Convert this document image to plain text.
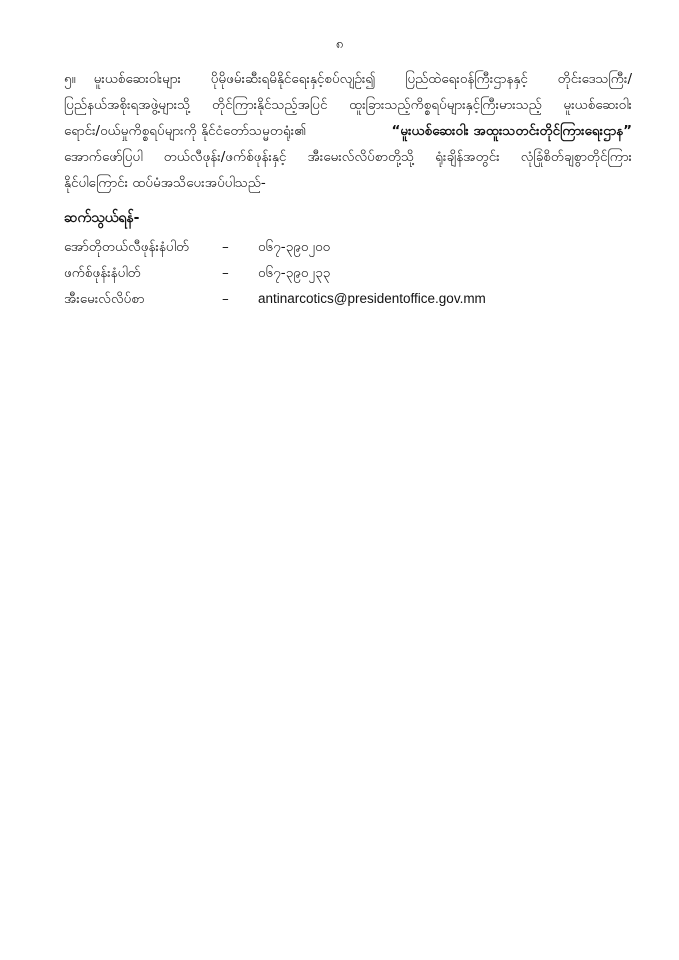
၈
၅။ မူးယစ်ဆေးဝါးများ ပိုမိုဖမ်းဆီးရမိနိုင်ရေးနှင့်စပ်လျဉ်း၍ ပြည်ထဲရေးဝန်ကြီးဌာနနှင့် တိုင်းဒေသကြီး/
ပြည်နယ်အစိုးရအဖွဲ့များသို့ တိုင်ကြားနိုင်သည့်အပြင် ထူးခြားသည့်ကိစ္စရပ်များနှင့်ကြီးမားသည့် မူးယစ်ဆေးဝါး
ရောင်း/ဝယ်မှုကိစ္စရပ်များကို နိုင်ငံတော်သမ္မတရုံး၏	“မူးယစ်ဆေးဝါး အထူးသတင်းတိုင်ကြားရေးဌာန”
အောက်ဖော်ပြပါ တယ်လီဖုန်း/ဖက်စ်ဖုန်းနှင့် အီးမေးလ်လိပ်စာတို့သို့ ရုံးချိန်အတွင်း လုံခြုံစိတ်ချစွာတိုင်ကြား
နိုင်ပါကြောင်း ထပ်မံအသိပေးအပ်ပါသည်-
ဆက်သွယ်ရန်-
အော်တိုတယ်လီဖုန်းနံပါတ် – ၀၆၇-၃၉၀၂၀၀
ဖက်စ်ဖုန်းနံပါတ်	– ၀၆၇-၃၉၀၂၃၃
အီးမေးလ်လိပ်စာ	– antinarcotics@presidentoffice.gov.mm
